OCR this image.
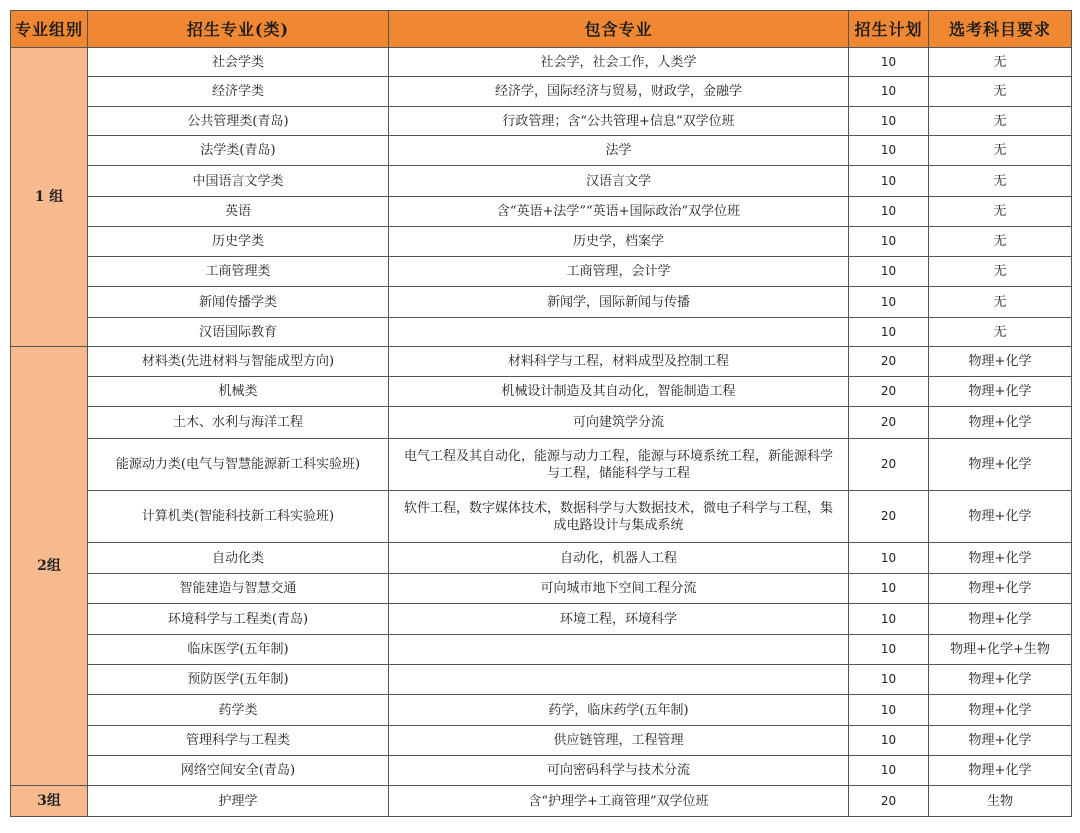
专业组别	招生专业(类)	包含专业	招生计划	选考科目要求
1 组	社会学类	社会学，社会工作，人类学	10	无
	经济学类	经济学，国际经济与贸易，财政学，金融学	10	无
	公共管理类(青岛)	行政管理；含“公共管理+信息”双学位班	10	无
	法学类(青岛)	法学	10	无
	中国语言文学类	汉语言文学	10	无
	英语	含“英语+法学”“英语+国际政治”双学位班	10	无
	历史学类	历史学，档案学	10	无
	工商管理类	工商管理，会计学	10	无
	新闻传播学类	新闻学，国际新闻与传播	10	无
	汉语国际教育		10	无
2组	材料类(先进材料与智能成型方向)	材料科学与工程，材料成型及控制工程	20	物理+化学
	机械类	机械设计制造及其自动化，智能制造工程	20	物理+化学
	土木、水利与海洋工程	可向建筑学分流	20	物理+化学
	能源动力类(电气与智慧能源新工科实验班)	电气工程及其自动化，能源与动力工程，能源与环境系统工程，新能源科学与工程，储能科学与工程	20	物理+化学
	计算机类(智能科技新工科实验班)	软件工程，数字媒体技术，数据科学与大数据技术，微电子科学与工程，集成电路设计与集成系统	20	物理+化学
	自动化类	自动化，机器人工程	10	物理+化学
	智能建造与智慧交通	可向城市地下空间工程分流	10	物理+化学
	环境科学与工程类(青岛)	环境工程，环境科学	10	物理+化学
	临床医学(五年制)		10	物理+化学+生物
	预防医学(五年制)		10	物理+化学
	药学类	药学，临床药学(五年制)	10	物理+化学
	管理科学与工程类	供应链管理，工程管理	10	物理+化学
	网络空间安全(青岛)	可向密码科学与技术分流	10	物理+化学
3组	护理学	含“护理学+工商管理”双学位班	20	生物
